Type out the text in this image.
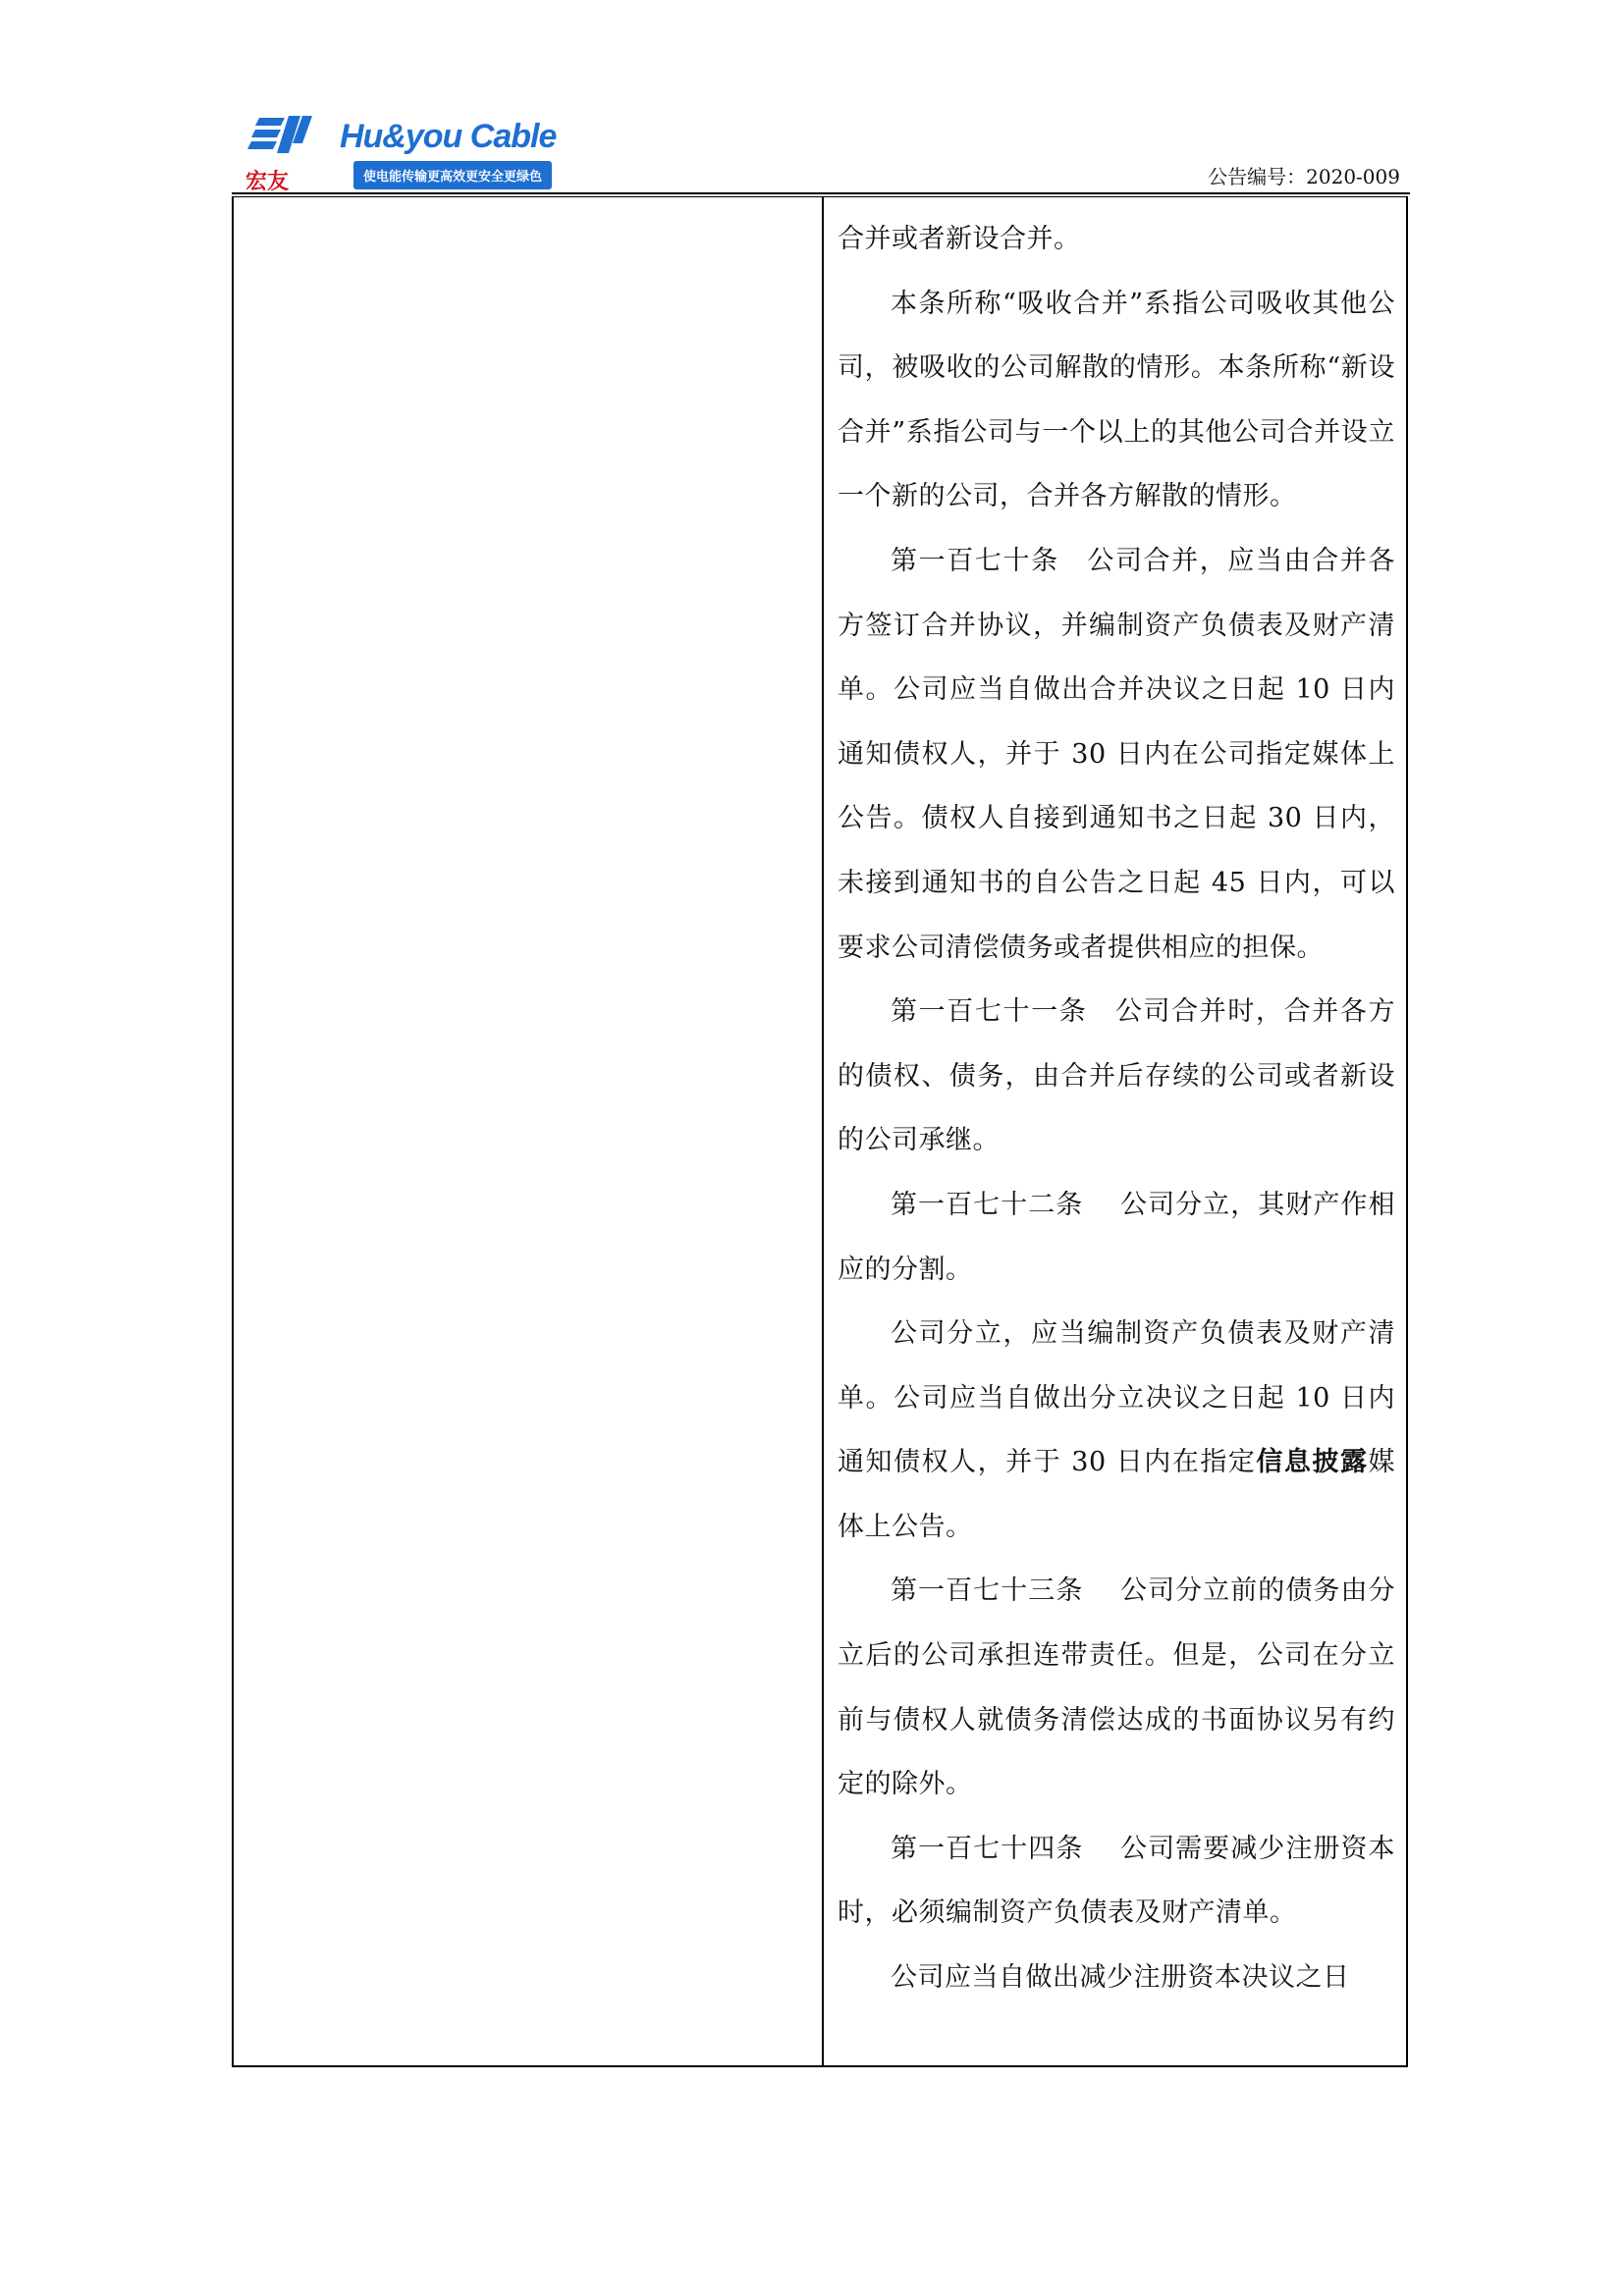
Hu&you Cable
宏友	使电能传输更高效更安全更绿色	公告编号：2020-009

合并或者新设合并。

本条所称“吸收合并”系指公司吸收其他公司，被吸收的公司解散的情形。本条所称“新设合并”系指公司与一个以上的其他公司合并设立一个新的公司，合并各方解散的情形。

第一百七十条　公司合并，应当由合并各方签订合并协议，并编制资产负债表及财产清单。公司应当自做出合并决议之日起 10 日内通知债权人，并于 30 日内在公司指定媒体上公告。债权人自接到通知书之日起 30 日内，未接到通知书的自公告之日起 45 日内，可以要求公司清偿债务或者提供相应的担保。

第一百七十一条　公司合并时，合并各方的债权、债务，由合并后存续的公司或者新设的公司承继。

第一百七十二条　 公司分立，其财产作相应的分割。

公司分立，应当编制资产负债表及财产清单。公司应当自做出分立决议之日起 10 日内通知债权人，并于 30 日内在指定信息披露媒体上公告。

第一百七十三条　 公司分立前的债务由分立后的公司承担连带责任。但是，公司在分立前与债权人就债务清偿达成的书面协议另有约定的除外。

第一百七十四条　 公司需要减少注册资本时，必须编制资产负债表及财产清单。

公司应当自做出减少注册资本决议之日
